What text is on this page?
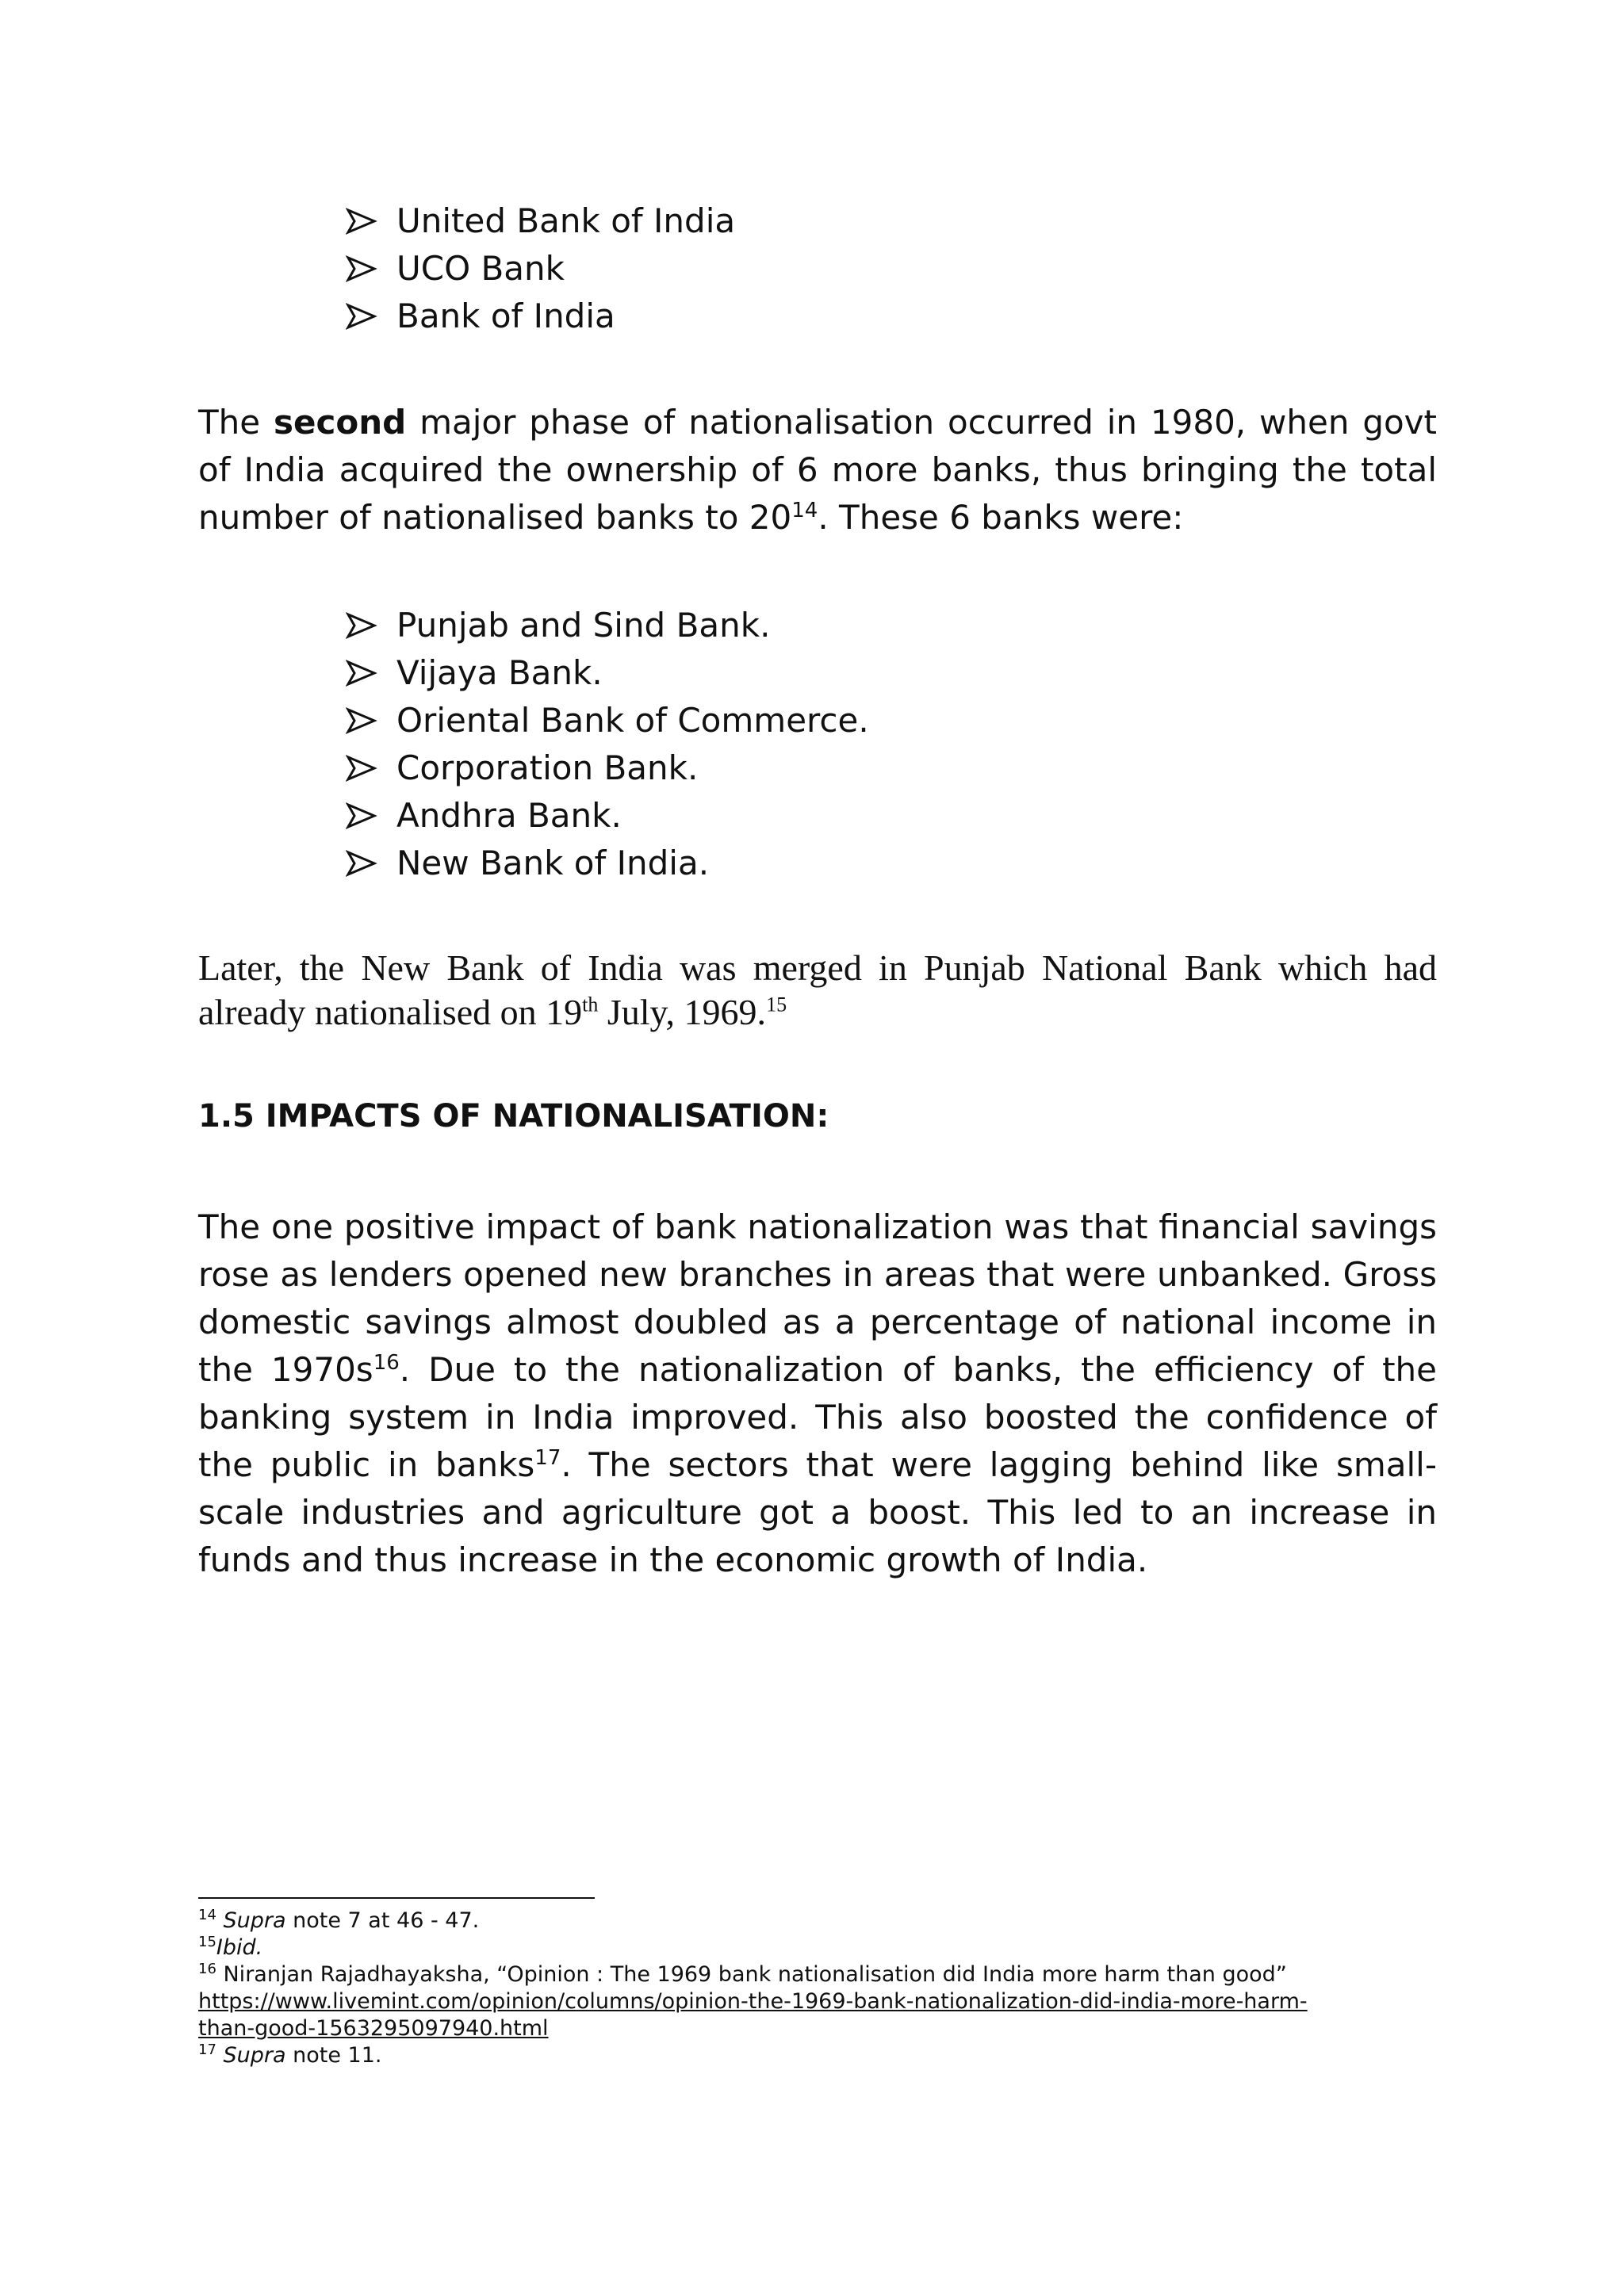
United Bank of India
UCO Bank
Bank of India

The second major phase of nationalisation occurred in 1980, when govt of India acquired the ownership of 6 more banks, thus bringing the total number of nationalised banks to $20^{14}$. These 6 banks were:

Punjab and Sind Bank.
Vijaya Bank.
Oriental Bank of Commerce.
Corporation Bank.
Andhra Bank.
New Bank of India.

Later, the New Bank of India was merged in Punjab National Bank which had already nationalised on 19th July, 1969.15

1.5 IMPACTS OF NATIONALISATION:

The one positive impact of bank nationalization was that financial savings rose as lenders opened new branches in areas that were unbanked. Gross domestic savings almost doubled as a percentage of national income in the $1970s^{16}$. Due to the nationalization of banks, the efficiency of the banking system in India improved. This also boosted the confidence of the public in banks$^{17}$. The sectors that were lagging behind like small-scale industries and agriculture got a boost. This led to an increase in funds and thus increase in the economic growth of India.

$^{14}$ Supra note 7 at 46 - 47.
$^{15}$Ibid.
$^{16}$ Niranjan Rajadhayaksha, “Opinion : The 1969 bank nationalisation did India more harm than good”
https://www.livemint.com/opinion/columns/opinion-the-1969-bank-nationalization-did-india-more-harm-
than-good-1563295097940.html
$^{17}$ Supra note 11.
